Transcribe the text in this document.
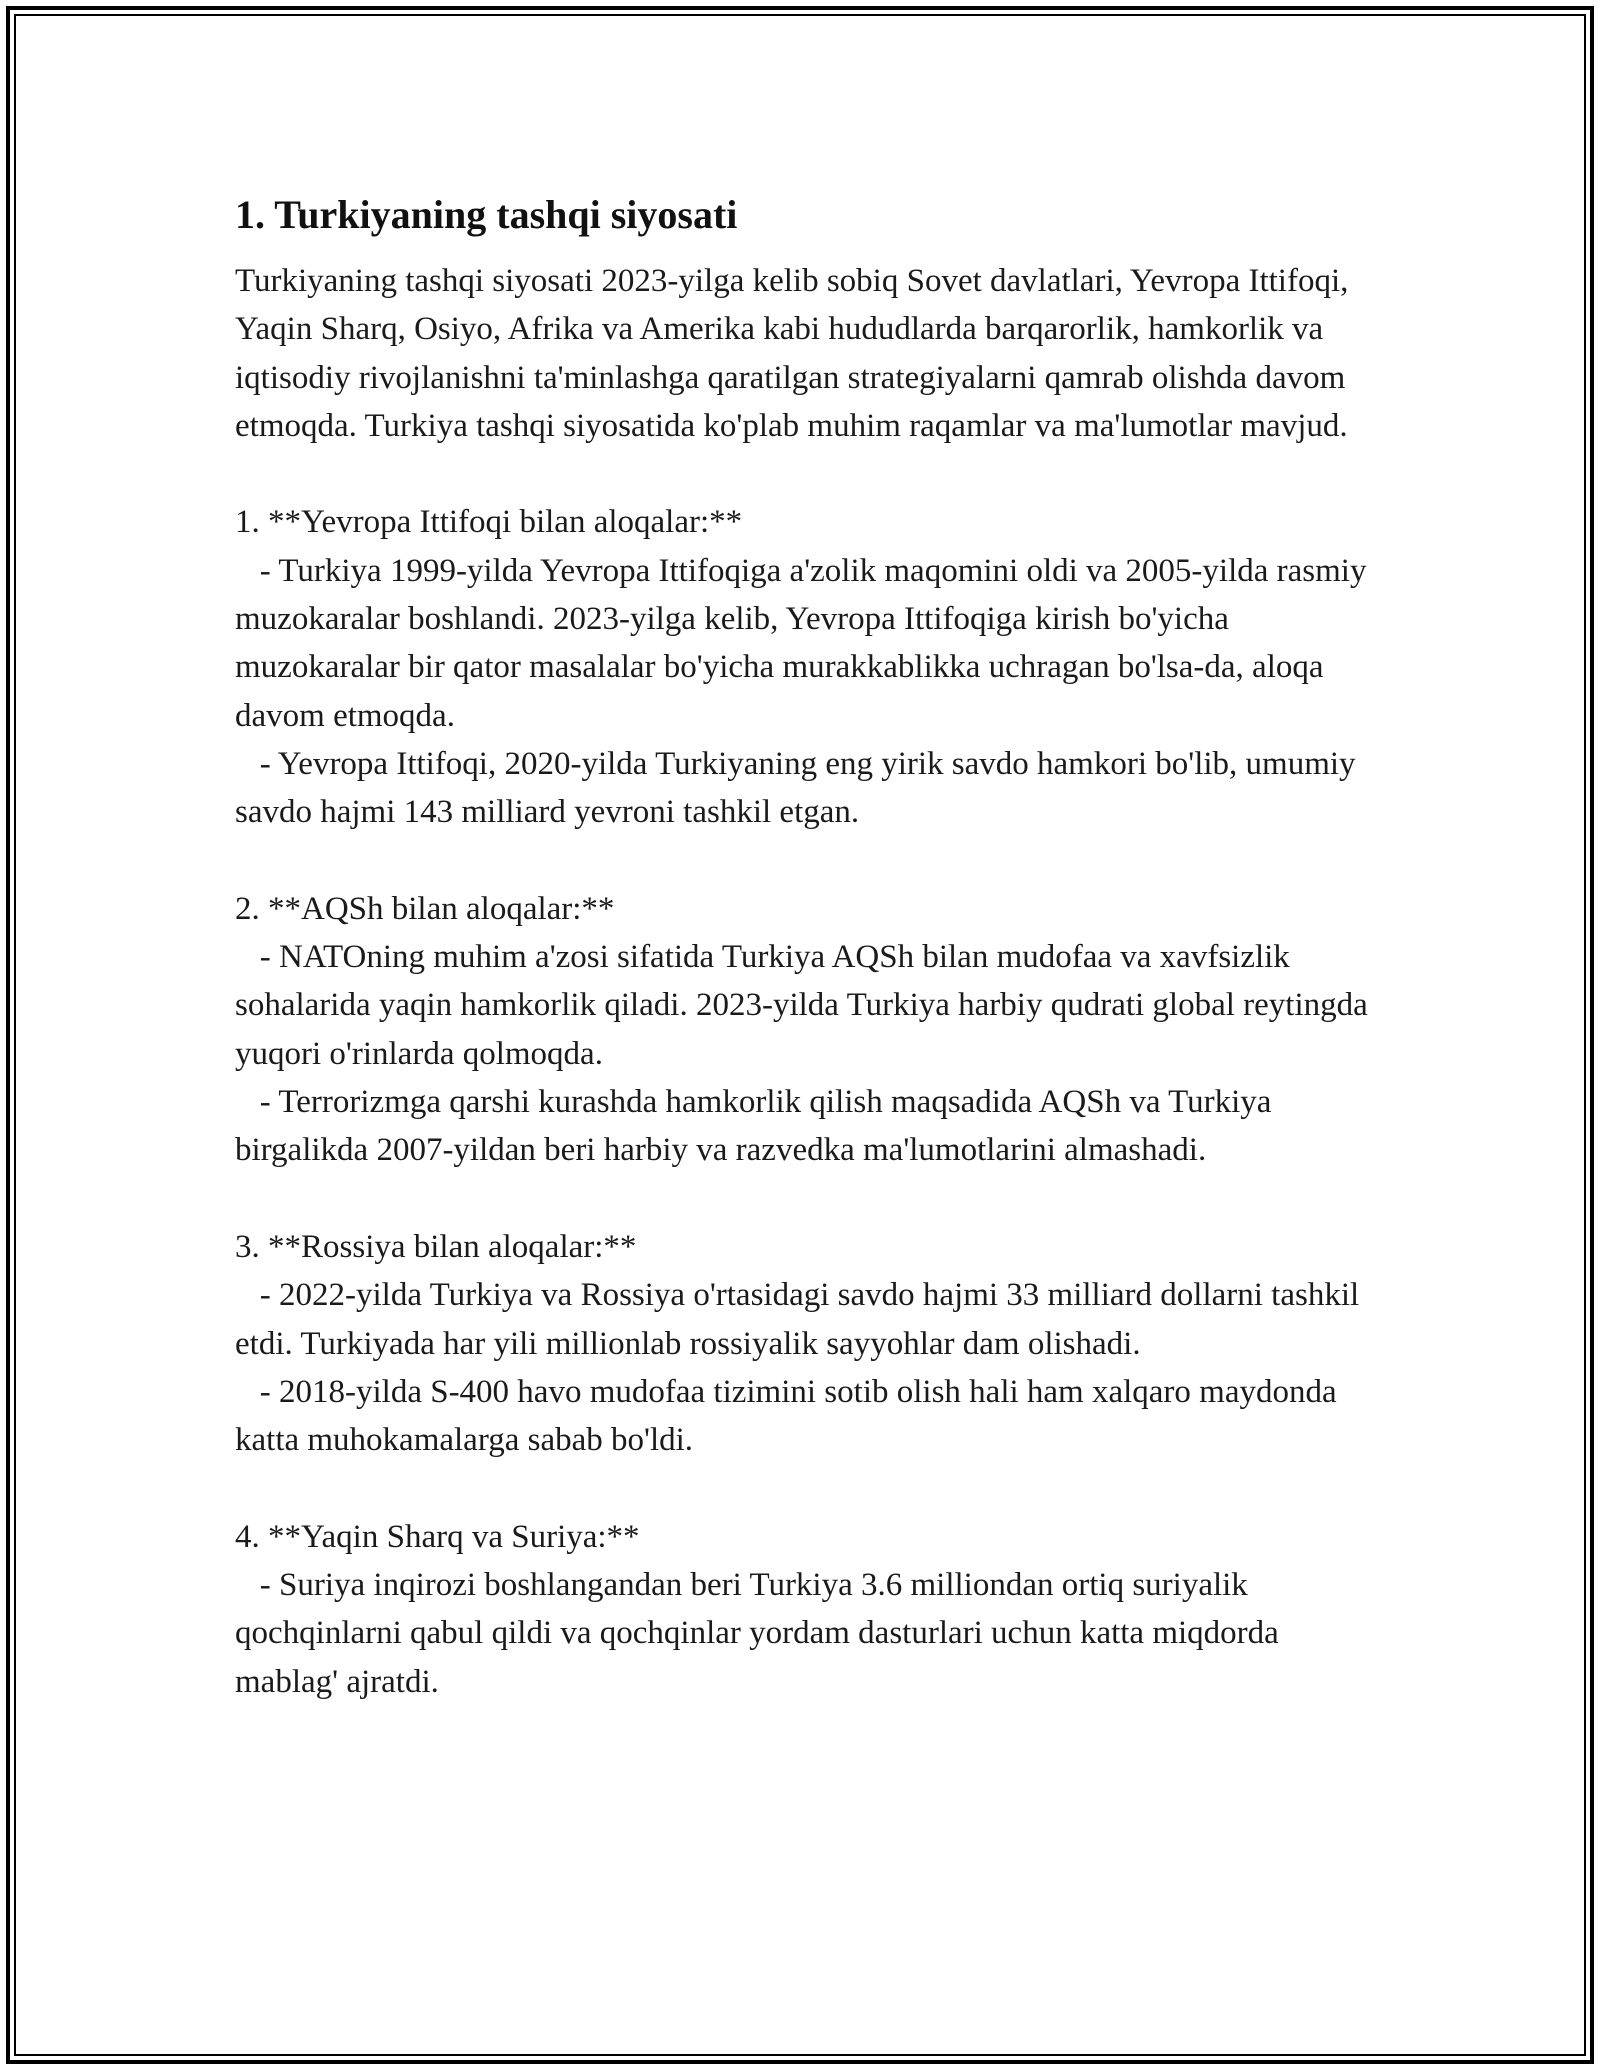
1. Turkiyaning tashqi siyosati

Turkiyaning tashqi siyosati 2023-yilga kelib sobiq Sovet davlatlari, Yevropa Ittifoqi, Yaqin Sharq, Osiyo, Afrika va Amerika kabi hududlarda barqarorlik, hamkorlik va iqtisodiy rivojlanishni ta'minlashga qaratilgan strategiyalarni qamrab olishda davom etmoqda. Turkiya tashqi siyosatida ko'plab muhim raqamlar va ma'lumotlar mavjud.

1. **Yevropa Ittifoqi bilan aloqalar:**

- Turkiya 1999-yilda Yevropa Ittifoqiga a'zolik maqomini oldi va 2005-yilda rasmiy muzokaralar boshlandi. 2023-yilga kelib, Yevropa Ittifoqiga kirish bo'yicha muzokaralar bir qator masalalar bo'yicha murakkablikka uchragan bo'lsa-da, aloqa davom etmoqda.

- Yevropa Ittifoqi, 2020-yilda Turkiyaning eng yirik savdo hamkori bo'lib, umumiy savdo hajmi 143 milliard yevroni tashkil etgan.

2. **AQSh bilan aloqalar:**

- NATOning muhim a'zosi sifatida Turkiya AQSh bilan mudofaa va xavfsizlik sohalarida yaqin hamkorlik qiladi. 2023-yilda Turkiya harbiy qudrati global reytingda yuqori o'rinlarda qolmoqda.

- Terrorizmga qarshi kurashda hamkorlik qilish maqsadida AQSh va Turkiya birgalikda 2007-yildan beri harbiy va razvedka ma'lumotlarini almashadi.

3. **Rossiya bilan aloqalar:**

- 2022-yilda Turkiya va Rossiya o'rtasidagi savdo hajmi 33 milliard dollarni tashkil etdi. Turkiyada har yili millionlab rossiyalik sayyohlar dam olishadi.

- 2018-yilda S-400 havo mudofaa tizimini sotib olish hali ham xalqaro maydonda katta muhokamalarga sabab bo'ldi.

4. **Yaqin Sharq va Suriya:**

- Suriya inqirozi boshlangandan beri Turkiya 3.6 milliondan ortiq suriyalik qochqinlarni qabul qildi va qochqinlar yordam dasturlari uchun katta miqdorda mablag' ajratdi.
